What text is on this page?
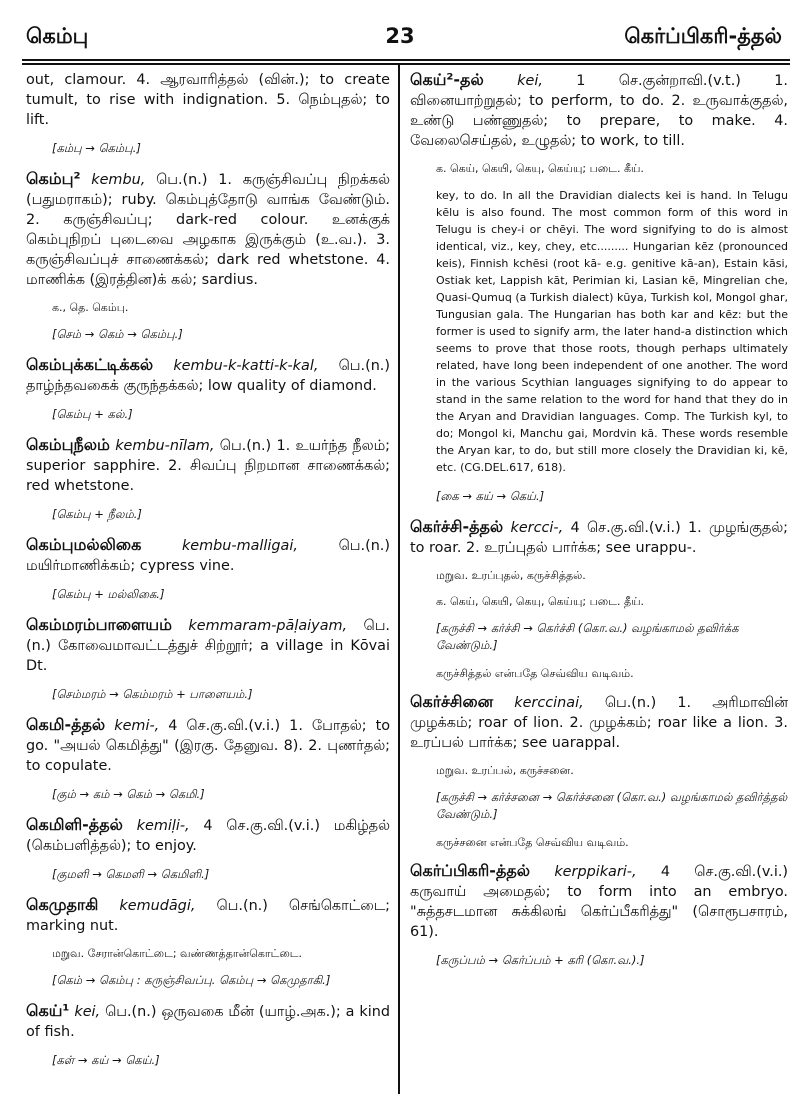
கெம்பு	23	கெர்ப்பிகரி-த்தல்

out, clamour. 4. ஆரவாரித்தல் (வின்.); to create tumult, to rise with indignation. 5. நெம்புதல்; to lift.

[கம்பு → கெம்பு.]

கெம்பு² kembu, பெ.(n.) 1. கருஞ்சிவப்பு நிறக்கல் (பதுமராகம்); ruby. கெம்புத்தோடு வாங்க வேண்டும். 2. கருஞ்சிவப்பு; dark-red colour. உனக்குக் கெம்புநிறப் புடைவை அழகாக இருக்கும் (உ.வ.). 3. கருஞ்சிவப்புச் சாணைக்கல்; dark red whetstone. 4. மாணிக்க (இரத்தின)க் கல்; sardius.

க., தெ. கெம்பு.

[செம் → கெம் → கெம்பு.]

கெம்புக்கட்டிக்கல் kembu-k-katti-k-kal, பெ.(n.) தாழ்ந்தவகைக் குருந்தக்கல்; low quality of diamond.

[கெம்பு + கல்.]

கெம்புநீலம் kembu-nīlam, பெ.(n.) 1. உயர்ந்த நீலம்; superior sapphire. 2. சிவப்பு நிறமான சாணைக்கல்; red whetstone.

[கெம்பு + நீலம்.]

கெம்புமல்லிகை	kembu-malligai,	பெ.(n.) மயிர்மாணிக்கம்; cypress vine.

[கெம்பு + மல்லிகை.]

கெம்மரம்பாளையம் kemmaram-pāḷaiyam, பெ.(n.) கோவைமாவட்டத்துச் சிற்றூர்; a village in Kōvai Dt.

[செம்மரம் → கெம்மரம் + பாளையம்.]

கெமி-த்தல் kemi-, 4 செ.கு.வி.(v.i.) 1. போதல்; to go. "அயல் கெமித்து" (இரகு. தேனுவ. 8). 2. புணர்தல்; to copulate.

[கும் → கம் → கெம் → கெமி.]

கெமிளி-த்தல் kemiḷi-, 4 செ.கு.வி.(v.i.) மகிழ்தல் (கெம்பளித்தல்); to enjoy.

[குமளி → கெமளி → கெமிளி.]

கெமுதாகி kemudāgi, பெ.(n.) செங்கொட்டை; marking nut.

மறுவ. சேரான்கொட்டை; வண்ணத்தான்கொட்டை.

[கெம் → கெம்பு : கருஞ்சிவப்பு. கெம்பு → கெமுதாகி.]

கெய்¹ kei, பெ.(n.) ஒருவகை மீன் (யாழ்.அக.); a kind of fish.

[கள் → கய் → கெய்.]

கெய்²-தல் kei, 1 செ.குன்றாவி.(v.t.) 1. வினையாற்றுதல்; to perform, to do. 2. உருவாக்குதல், உண்டு பண்ணுதல்; to prepare, to make. 4. வேலைசெய்தல், உழுதல்; to work, to till.

க. கெய், கெயி, கெயு, கெய்யு; படை. கீய்.

key, to do. In all the Dravidian dialects kei is hand. In Telugu kēlu is also found. The most common form of this word in Telugu is chey-i or chēyi. The word signifying to do is almost identical, viz., key, chey, etc......... Hungarian kēz (pronounced keis), Finnish kchēsi (root kā- e.g. genitive kā-an), Estain kāsi, Ostiak ket, Lappish kāt, Perimian ki, Lasian kē, Mingrelian che, Quasi-Qumuq (a Turkish dialect) kūya, Turkish kol, Mongol ghar, Tungusian gala. The Hungarian has both kar and kēz: but the former is used to signify arm, the later hand-a distinction which seems to prove that those roots, though perhaps ultimately related, have long been independent of one another. The word in the various Scythian languages signifying to do appear to stand in the same relation to the word for hand that they do in the Aryan and Dravidian languages. Comp. The Turkish kyl, to do; Mongol ki, Manchu gai, Mordvin kā. These words resemble the Aryan kar, to do, but still more closely the Dravidian ki, kē, etc. (CG.DEL.617, 618).

[கை → கய் → கெய்.]

கெர்ச்சி-த்தல் kercci-, 4 செ.கு.வி.(v.i.) 1. முழங்குதல்; to roar. 2. உரப்புதல் பார்க்க; see urappu-.

மறுவ. உரப்புதல், கருச்சித்தல்.

க. கெய், கெயி, கெயு, கெய்யு; படை. தீய்.

[கருச்சி → கர்ச்சி → கெர்ச்சி (கொ.வ.) வழங்காமல் தவிர்க்க வேண்டும்.]

கருச்சித்தல் என்பதே செவ்விய வடிவம்.

கெர்ச்சினை kerccinai, பெ.(n.) 1. அரிமாவின் முழக்கம்; roar of lion. 2. முழக்கம்; roar like a lion. 3. உரப்பல் பார்க்க; see uarappal.

மறுவ. உரப்பல், கருச்சனை.

[கருச்சி → கர்ச்சனை → கெர்ச்சனை (கொ.வ.) வழங்காமல் தவிர்த்தல் வேண்டும்.]

கருச்சனை என்பதே செவ்விய வடிவம்.

கெர்ப்பிகரி-த்தல் kerppikari-, 4 செ.கு.வி.(v.i.) கருவாய் அமைதல்; to form into an embryo. "சுத்தசடமான சுக்கிலங் கெர்ப்பீகரித்து" (சொரூபசாரம், 61).

[கருப்பம் → கெர்ப்பம் + கரி (கொ.வ.).]
